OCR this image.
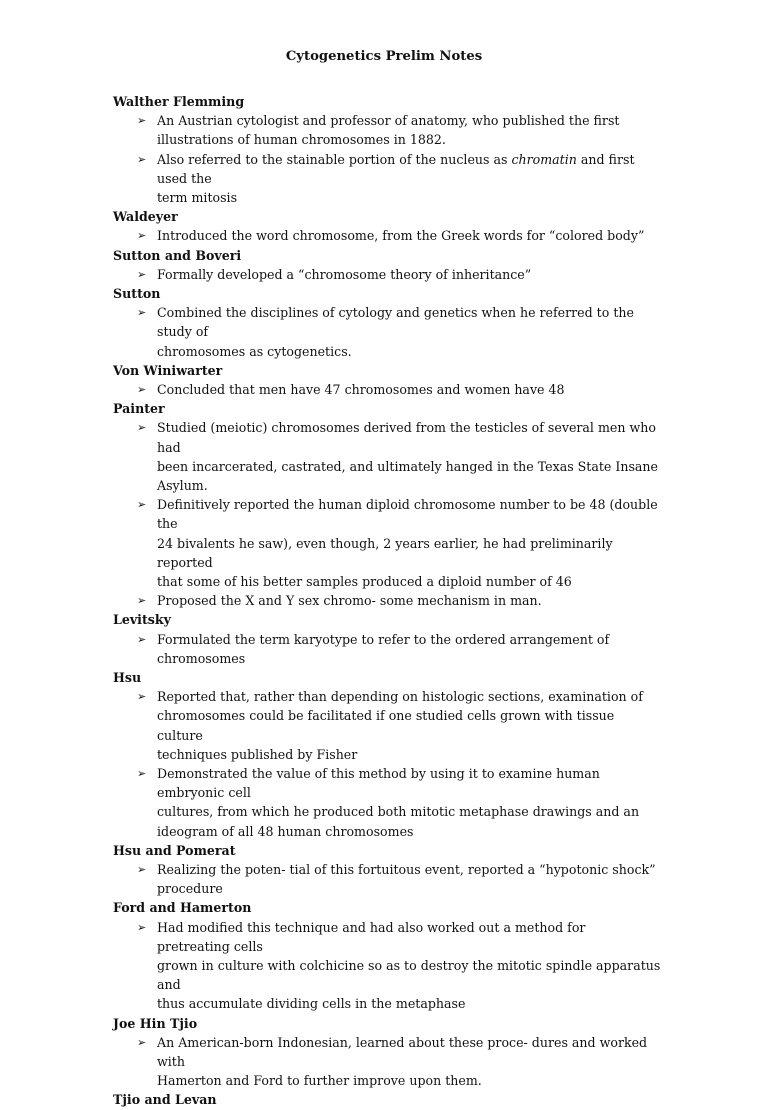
Cytogenetics Prelim Notes
Walther Flemming
➢ An Austrian cytologist and professor of anatomy, who published the first
illustrations of human chromosomes in 1882.
➢ Also referred to the stainable portion of the nucleus as chromatin and first used the
term mitosis
Waldeyer
➢ Introduced the word chromosome, from the Greek words for “colored body”
Sutton and Boveri
➢ Formally developed a “chromosome theory of inheritance”
Sutton
➢ Combined the disciplines of cytology and genetics when he referred to the study of
chromosomes as cytogenetics.
Von Winiwarter
➢ Concluded that men have 47 chromosomes and women have 48
Painter
➢ Studied (meiotic) chromosomes derived from the testicles of several men who had
been incarcerated, castrated, and ultimately hanged in the Texas State Insane
Asylum.
➢ Definitively reported the human diploid chromosome number to be 48 (double the
24 bivalents he saw), even though, 2 years earlier, he had preliminarily reported
that some of his better samples produced a diploid number of 46
➢ Proposed the X and Y sex chromo- some mechanism in man.
Levitsky
➢ Formulated the term karyotype to refer to the ordered arrangement of
chromosomes
Hsu
➢ Reported that, rather than depending on histologic sections, examination of
chromosomes could be facilitated if one studied cells grown with tissue culture
techniques published by Fisher
➢ Demonstrated the value of this method by using it to examine human embryonic cell
cultures, from which he produced both mitotic metaphase drawings and an
ideogram of all 48 human chromosomes
Hsu and Pomerat
➢ Realizing the poten- tial of this fortuitous event, reported a “hypotonic shock”
procedure
Ford and Hamerton
➢ Had modified this technique and had also worked out a method for pretreating cells
grown in culture with colchicine so as to destroy the mitotic spindle apparatus and
thus accumulate dividing cells in the metaphase
Joe Hin Tjio
➢ An American-born Indonesian, learned about these proce- dures and worked with
Hamerton and Ford to further improve upon them.
Tjio and Levan
